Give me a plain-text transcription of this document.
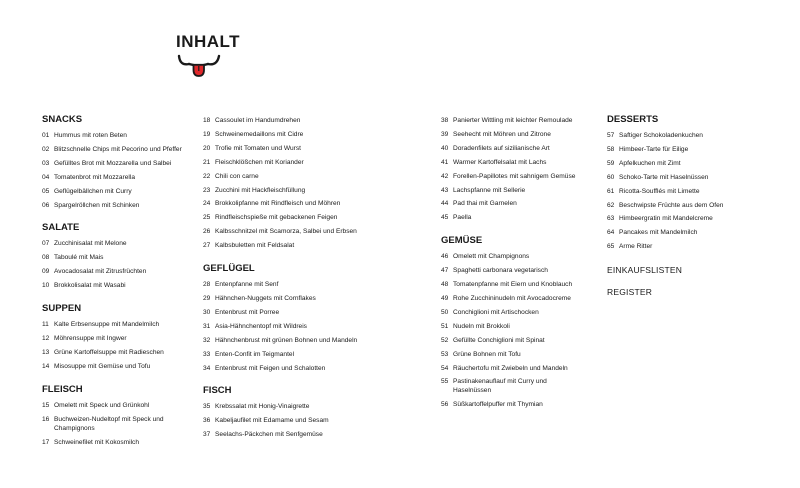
INHALT
SNACKS
01 Hummus mit roten Beten
02 Blitzschnelle Chips mit Pecorino und Pfeffer
03 Gefülltes Brot mit Mozzarella und Salbei
04 Tomatenbrot mit Mozzarella
05 Geflügelbällchen mit Curry
06 Spargelröllchen mit Schinken
SALATE
07 Zucchinisalat mit Melone
08 Taboulé mit Mais
09 Avocadosalat mit Zitrusfrüchten
10 Brokkolisalat mit Wasabi
SUPPEN
11 Kalte Erbsensuppe mit Mandelmilch
12 Möhrensuppe mit Ingwer
13 Grüne Kartoffelsuppe mit Radieschen
14 Misosuppe mit Gemüse und Tofu
FLEISCH
15 Omelett mit Speck und Grünkohl
16 Buchweizen-Nudeltopf mit Speck und Champignons
17 Schweinefilet mit Kokosmilch
18 Cassoulet im Handumdrehen
19 Schweinemedaillons mit Cidre
20 Trofie mit Tomaten und Wurst
21 Fleischklößchen mit Koriander
22 Chili con carne
23 Zucchini mit Hackfleischfüllung
24 Brokkolipfanne mit Rindfleisch und Möhren
25 Rindfleischspieße mit gebackenen Feigen
26 Kalbsschnitzel mit Scamorza, Salbei und Erbsen
27 Kalbsbuletten mit Feldsalat
GEFLÜGEL
28 Entenpfanne mit Senf
29 Hähnchen-Nuggets mit Cornflakes
30 Entenbrust mit Porree
31 Asia-Hähnchentopf mit Wildreis
32 Hähnchenbrust mit grünen Bohnen und Mandeln
33 Enten-Confit im Teigmantel
34 Entenbrust mit Feigen und Schalotten
FISCH
35 Krebssalat mit Honig-Vinaigrette
36 Kabeljaufilet mit Edamame und Sesam
37 Seelachs-Päckchen mit Senfgemüse
38 Panierter Wittling mit leichter Remoulade
39 Seehecht mit Möhren und Zitrone
40 Doradenfilets auf sizilianische Art
41 Warmer Kartoffelsalat mit Lachs
42 Forellen-Papillotes mit sahnigem Gemüse
43 Lachspfanne mit Sellerie
44 Pad thai mit Garnelen
45 Paella
GEMÜSE
46 Omelett mit Champignons
47 Spaghetti carbonara vegetarisch
48 Tomatenpfanne mit Eiern und Knoblauch
49 Rohe Zucchininudeln mit Avocadocreme
50 Conchiglioni mit Artischocken
51 Nudeln mit Brokkoli
52 Gefüllte Conchiglioni mit Spinat
53 Grüne Bohnen mit Tofu
54 Räuchertofu mit Zwiebeln und Mandeln
55 Pastinakenauflauf mit Curry und Haselnüssen
56 Süßkartoffelpuffer mit Thymian
DESSERTS
57 Saftiger Schokoladenkuchen
58 Himbeer-Tarte für Eilige
59 Apfelkuchen mit Zimt
60 Schoko-Tarte mit Haselnüssen
61 Ricotta-Soufflés mit Limette
62 Beschwipste Früchte aus dem Ofen
63 Himbeergratin mit Mandelcreme
64 Pancakes mit Mandelmilch
65 Arme Ritter
EINKAUFSLISTEN
REGISTER
